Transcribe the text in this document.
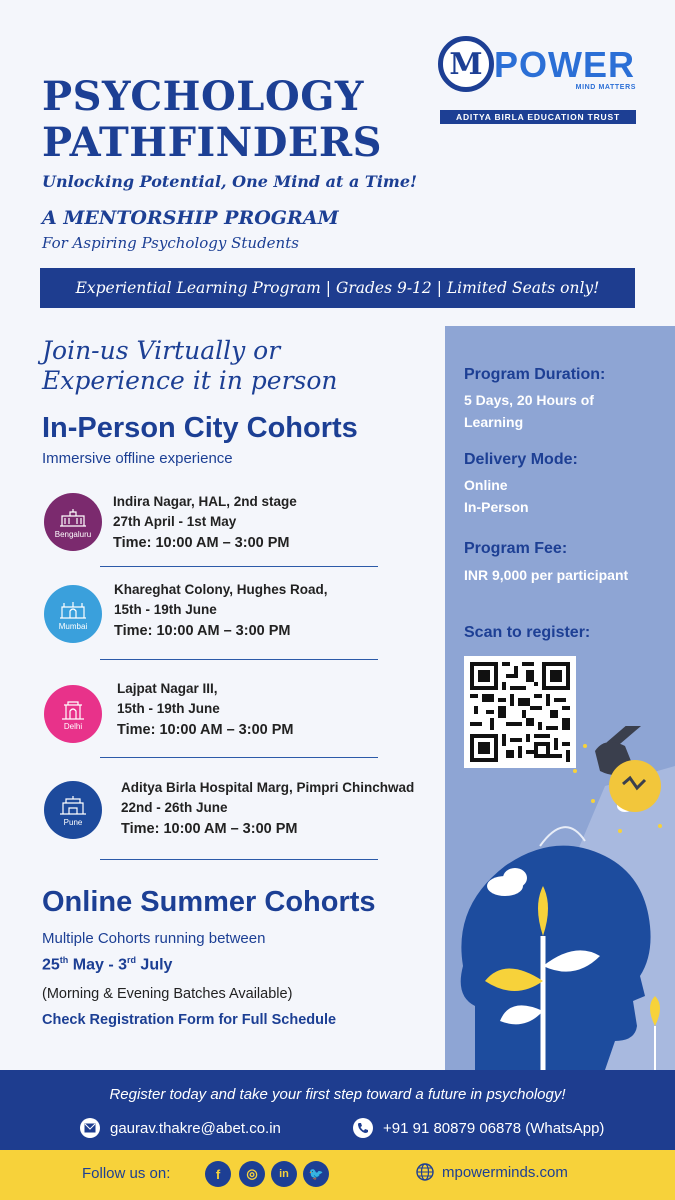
M POWER
MIND MATTERS
ADITYA BIRLA EDUCATION TRUST
PSYCHOLOGY
PATHFINDERS
Unlocking Potential, One Mind at a Time!
A MENTORSHIP PROGRAM
For Aspiring Psychology Students
Experiential Learning Program | Grades 9-12 | Limited Seats only!
Program Duration:
5 Days, 20 Hours of
Learning
Delivery Mode:
Online
In-Person
Program Fee:
INR 9,000 per participant
Scan to register:
Join-us Virtually or
Experience it in person
In-Person City Cohorts
Immersive offline experience
Bengaluru
Indira Nagar, HAL, 2nd stage
27th April - 1st May
Time: 10:00 AM – 3:00 PM
Mumbai
Khareghat Colony, Hughes Road,
15th - 19th June
Time: 10:00 AM – 3:00 PM
Delhi
Lajpat Nagar III,
15th - 19th June
Time: 10:00 AM – 3:00 PM
Pune
Aditya Birla Hospital Marg, Pimpri Chinchwad
22nd - 26th June
Time: 10:00 AM – 3:00 PM
Online Summer Cohorts
Multiple Cohorts running between
25th May - 3rd July
(Morning & Evening Batches Available)
Check Registration Form for Full Schedule
Register today and take your first step toward a future in psychology!
gaurav.thakre@abet.co.in	+91 91 80879 06878 (WhatsApp)
Follow us on:	f	◎	in	🐦	mpowerminds.com
